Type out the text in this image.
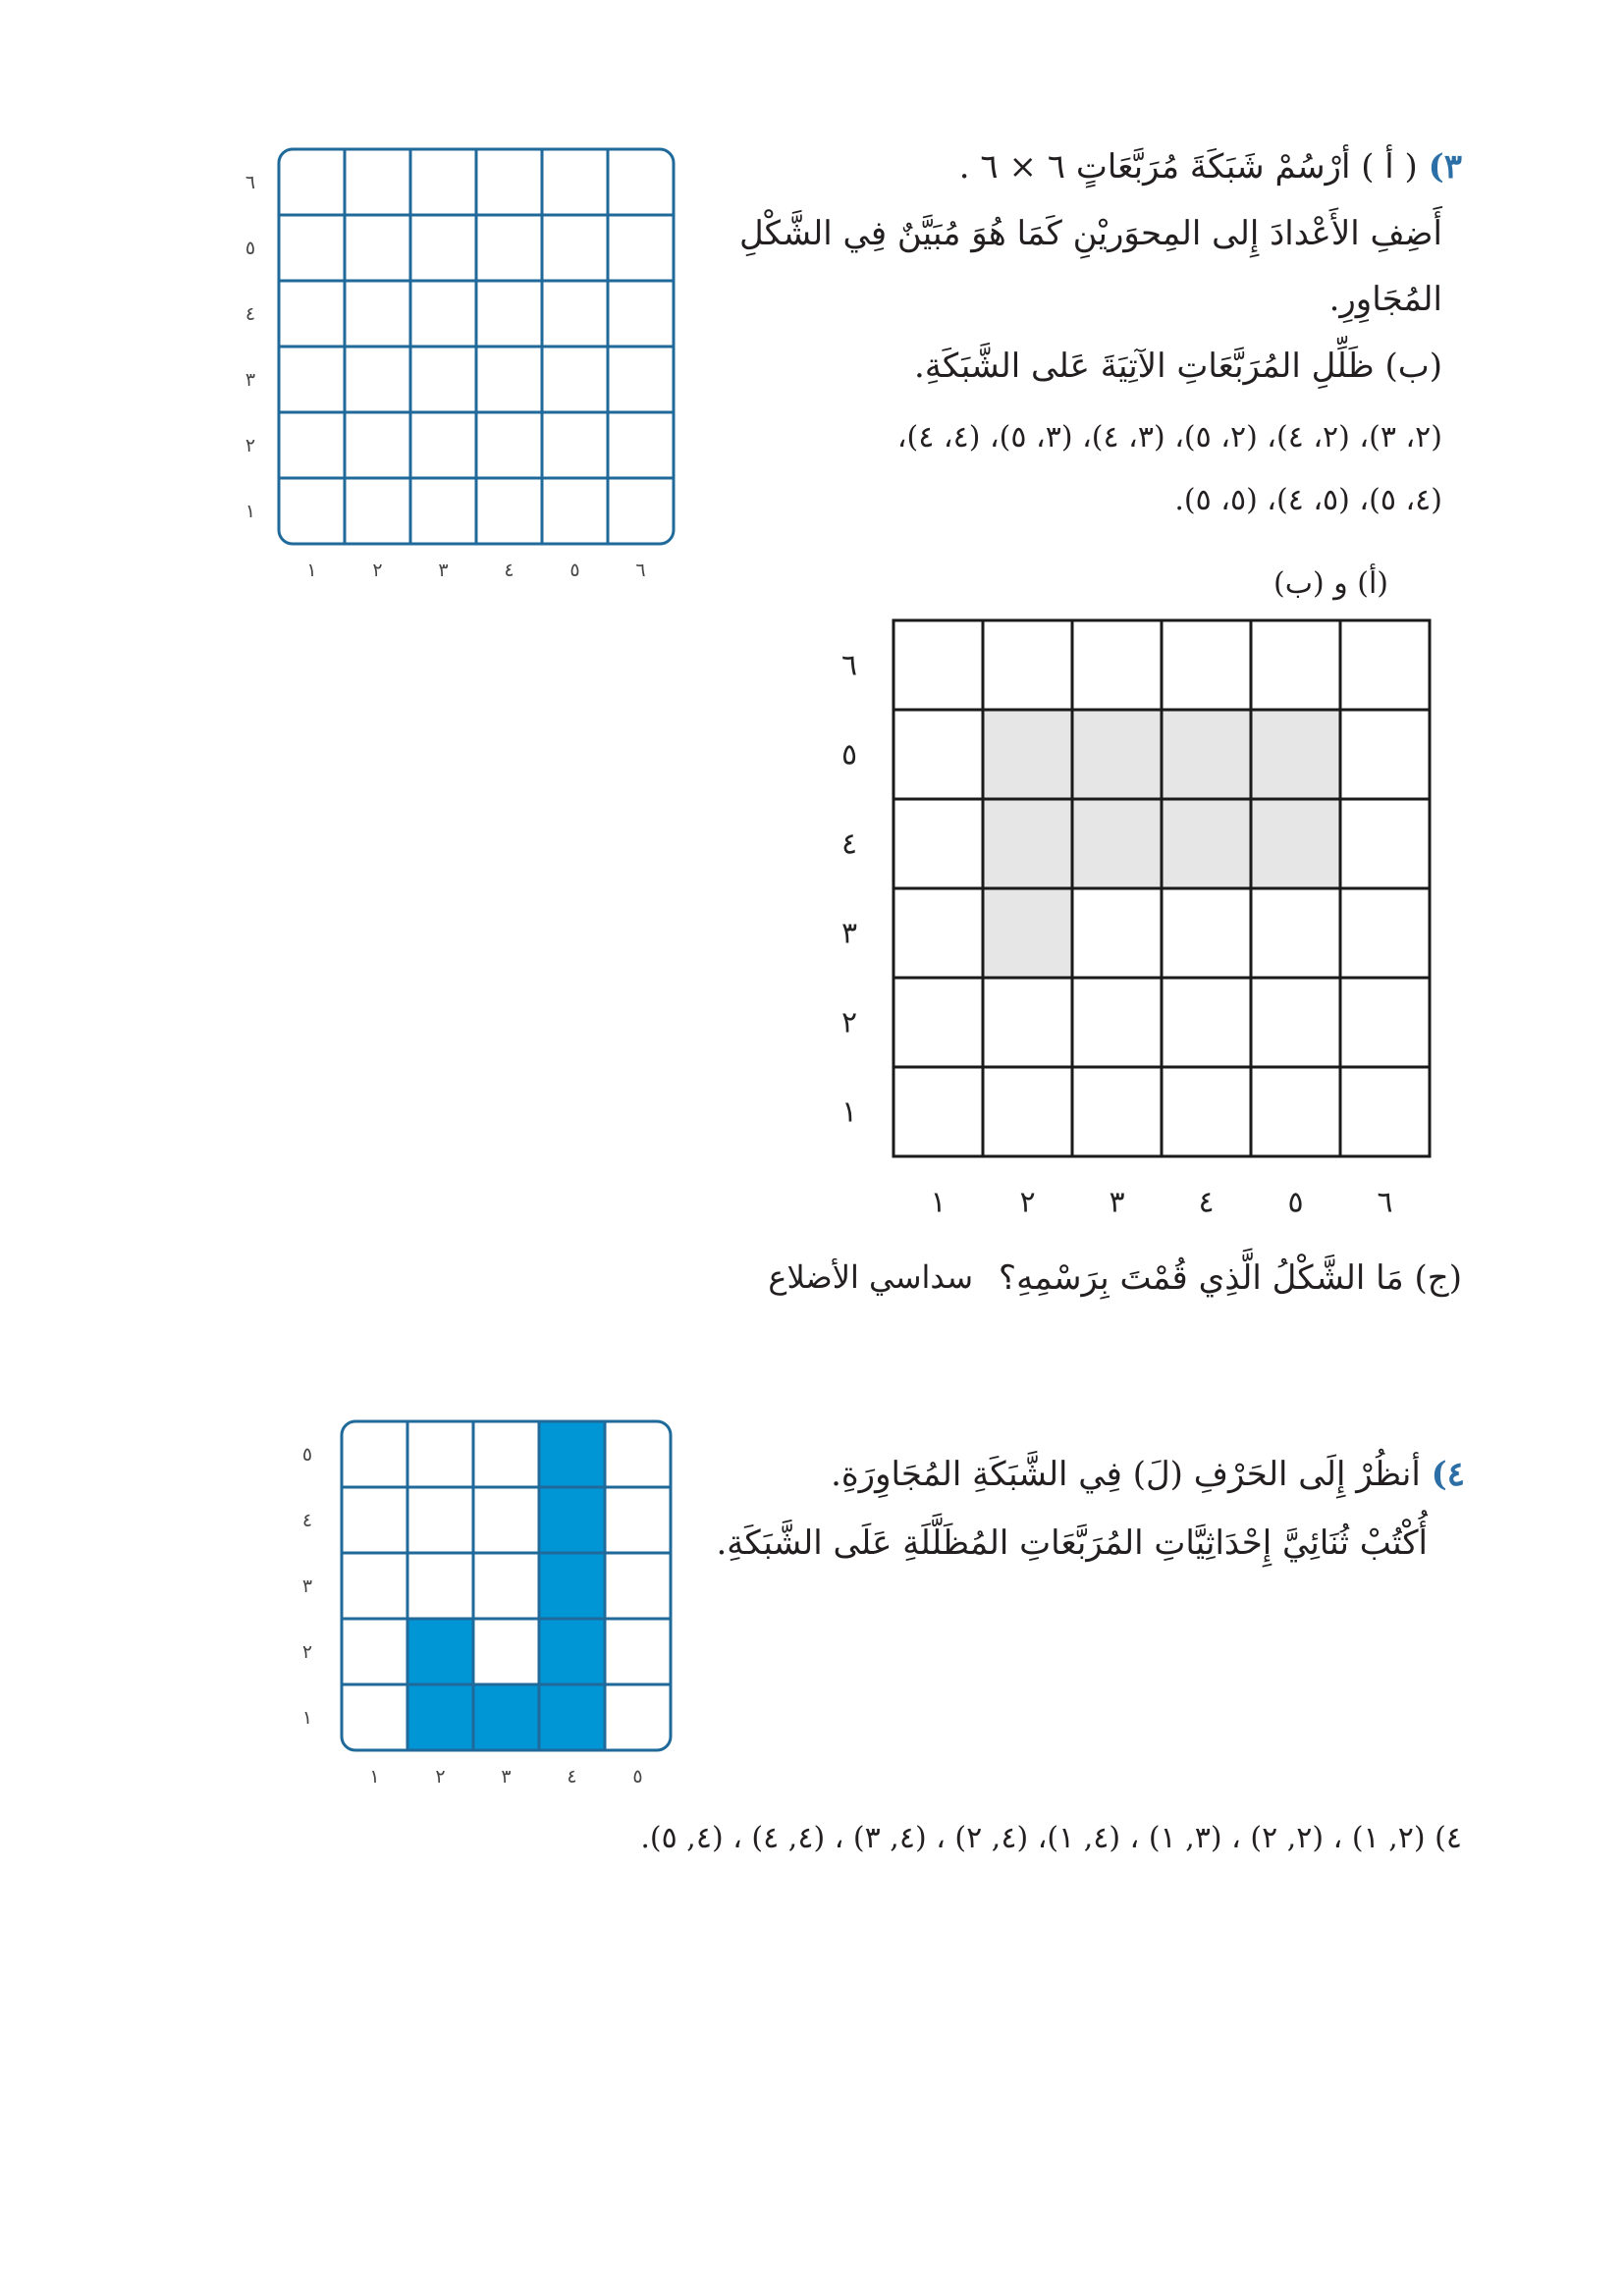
٣) ( أ ) أرْسُمْ شَبَكَةَ مُرَبَّعَاتٍ ٦ × ٦ .
أَضِفِ الأَعْدادَ إِلى المِحوَريْنِ كَمَا هُوَ مُبَيَّنٌ فِي الشَّكْلِ
المُجَاوِرِ.
(ب) ظَلِّلِ المُرَبَّعَاتِ الآتِيَةَ عَلى الشَّبَكَةِ.
(٢، ٣)، (٢، ٤)، (٢، ٥)، (٣، ٤)، (٣، ٥)، (٤، ٤)،
(٤، ٥)، (٥، ٤)، (٥، ٥).
(أ) و (ب)
(ج) مَا الشَّكْلُ الَّذِي قُمْتَ بِرَسْمِهِ؟
سداسي الأضلاع
٤) أنظُرْ إِلَى الحَرْفِ (لَ) فِي الشَّبَكَةِ المُجَاوِرَةِ.
أُكْتُبْ ثُنَائِيَّ إِحْدَاثِيَّاتِ المُرَبَّعَاتِ المُظَلَّلَةِ عَلَى الشَّبَكَةِ.
٤) (٢, ١) ، (٢, ٢) ، (٣, ١) ، (٤, ١)، (٤, ٢) ، (٤, ٣) ، (٤, ٤) ، (٤, ٥).
١	٢	٣	٤	٥	٦
١
٢
٣
٤
٥
٦
١ ٢ ٣ ٤ ٥ ٦
١
٢
٣
٤
٥
٦
١	٢	٣	٤	٥
١
٢
٣
٤
٥
